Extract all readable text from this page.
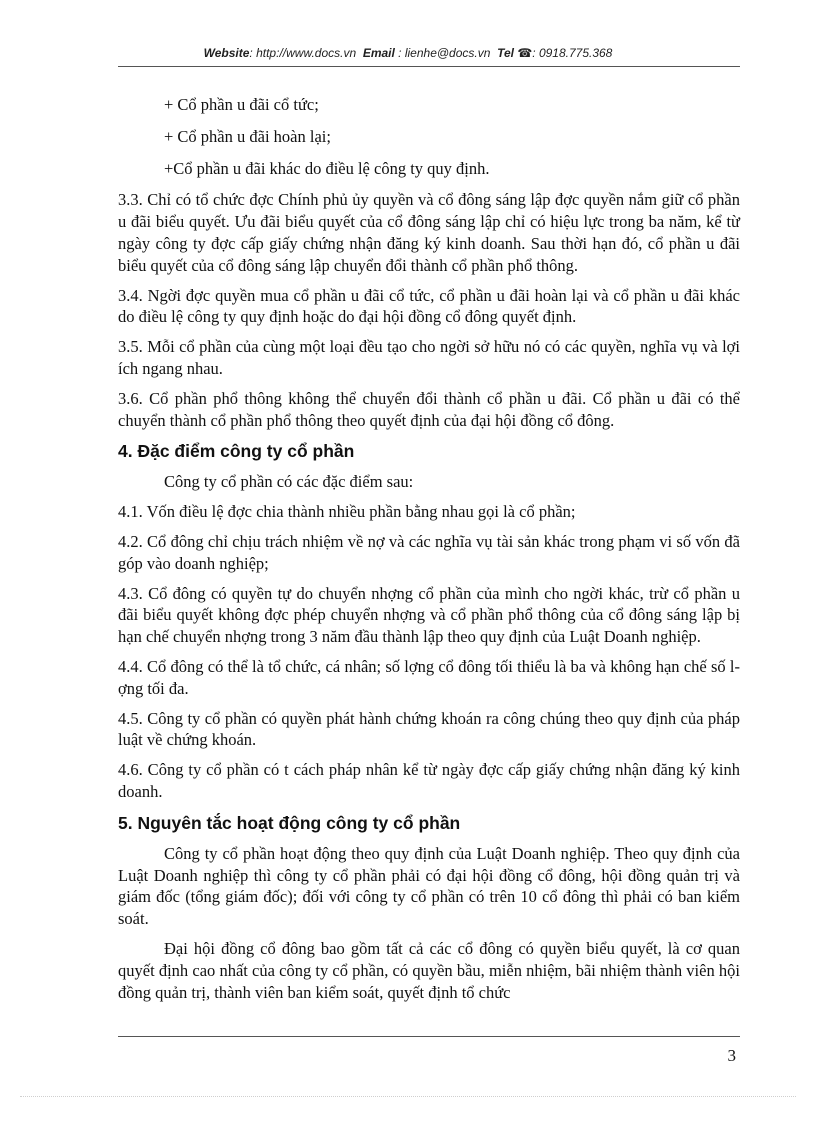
Website: http://www.docs.vn Email : lienhe@docs.vn Tel ☎: 0918.775.368

+ Cổ phần u đãi cổ tức;

+ Cổ phần u đãi hoàn lại;

+Cổ phần u đãi khác do điều lệ công ty quy định.

3.3. Chỉ có tổ chức đợc Chính phủ ủy quyền và cổ đông sáng lập đợc quyền nắm giữ cổ phần u đãi biểu quyết. Ưu đãi biểu quyết của cổ đông sáng lập chỉ có hiệu lực trong ba năm, kể từ ngày công ty đợc cấp giấy chứng nhận đăng ký kinh doanh. Sau thời hạn đó, cổ phần u đãi biểu quyết của cổ đông sáng lập chuyển đổi thành cổ phần phổ thông.

3.4. Ngời đợc quyền mua cổ phần u đãi cổ tức, cổ phần u đãi hoàn lại và cổ phần u đãi khác do điều lệ công ty quy định hoặc do đại hội đồng cổ đông quyết định.

3.5. Mỗi cổ phần của cùng một loại đều tạo cho ngời sở hữu nó có các quyền, nghĩa vụ và lợi ích ngang nhau.

3.6. Cổ phần phổ thông không thể chuyển đổi thành cổ phần u đãi. Cổ phần u đãi có thể chuyển thành cổ phần phổ thông theo quyết định của đại hội đồng cổ đông.

4. Đặc điểm công ty cổ phần

Công ty cổ phần có các đặc điểm sau:

4.1. Vốn điều lệ đợc chia thành nhiều phần bằng nhau gọi là cổ phần;

4.2. Cổ đông chỉ chịu trách nhiệm về nợ và các nghĩa vụ tài sản khác trong phạm vi số vốn đã góp vào doanh nghiệp;

4.3. Cổ đông có quyền tự do chuyển nhợng cổ phần của mình cho ngời khác, trừ cổ phần u đãi biểu quyết không đợc phép chuyển nhợng và cổ phần phổ thông của cổ đông sáng lập bị hạn chế chuyển nhợng trong 3 năm đầu thành lập theo quy định của Luật Doanh nghiệp.

4.4. Cổ đông có thể là tổ chức, cá nhân; số lợng cổ đông tối thiểu là ba và không hạn chế số lợng tối đa.

4.5. Công ty cổ phần có quyền phát hành chứng khoán ra công chúng theo quy định của pháp luật về chứng khoán.

4.6. Công ty cổ phần có t cách pháp nhân kể từ ngày đợc cấp giấy chứng nhận đăng ký kinh doanh.

5. Nguyên tắc hoạt động công ty cổ phần

Công ty cổ phần hoạt động theo quy định của Luật Doanh nghiệp. Theo quy định của Luật Doanh nghiệp thì công ty cổ phần phải có đại hội đồng cổ đông, hội đồng quản trị và giám đốc (tổng giám đốc); đối với công ty cổ phần có trên 10 cổ đông thì phải có ban kiểm soát.

Đại hội đồng cổ đông bao gồm tất cả các cổ đông có quyền biểu quyết, là cơ quan quyết định cao nhất của công ty cổ phần, có quyền bầu, miễn nhiệm, bãi nhiệm thành viên hội đồng quản trị, thành viên ban kiểm soát, quyết định tổ chức

3
